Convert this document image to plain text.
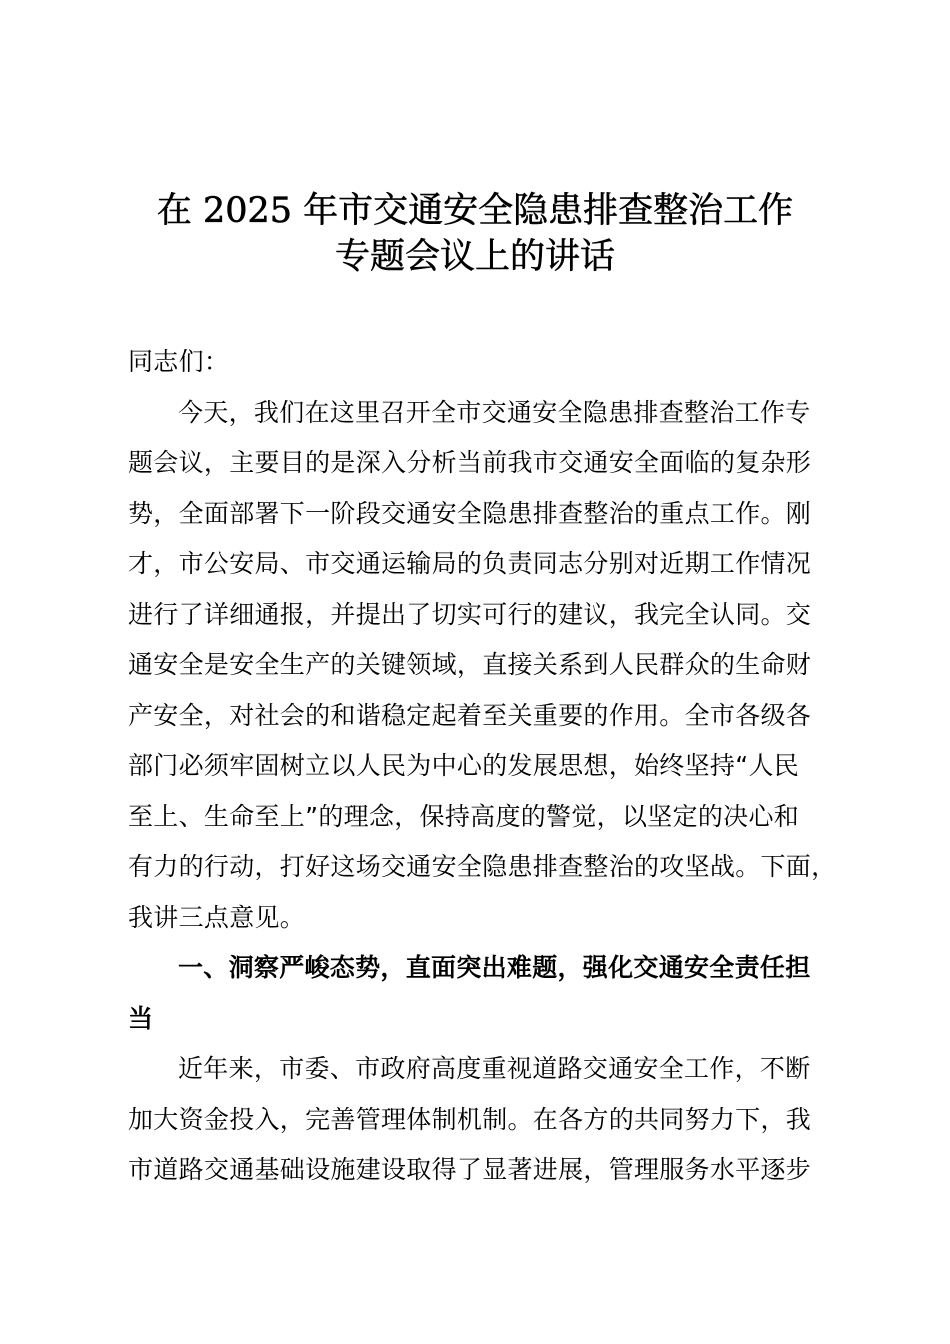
在 2025 年市交通安全隐患排查整治工作
专题会议上的讲话
同志们：
今天，我们在这里召开全市交通安全隐患排查整治工作专
题会议，主要目的是深入分析当前我市交通安全面临的复杂形
势，全面部署下一阶段交通安全隐患排查整治的重点工作。刚
才，市公安局、市交通运输局的负责同志分别对近期工作情况
进行了详细通报，并提出了切实可行的建议，我完全认同。交
通安全是安全生产的关键领域，直接关系到人民群众的生命财
产安全，对社会的和谐稳定起着至关重要的作用。全市各级各
部门必须牢固树立以人民为中心的发展思想，始终坚持“人民
至上、生命至上”的理念，保持高度的警觉，以坚定的决心和
有力的行动，打好这场交通安全隐患排查整治的攻坚战。下面，
我讲三点意见。
一、洞察严峻态势，直面突出难题，强化交通安全责任担
当
近年来，市委、市政府高度重视道路交通安全工作，不断
加大资金投入，完善管理体制机制。在各方的共同努力下，我
市道路交通基础设施建设取得了显著进展，管理服务水平逐步
